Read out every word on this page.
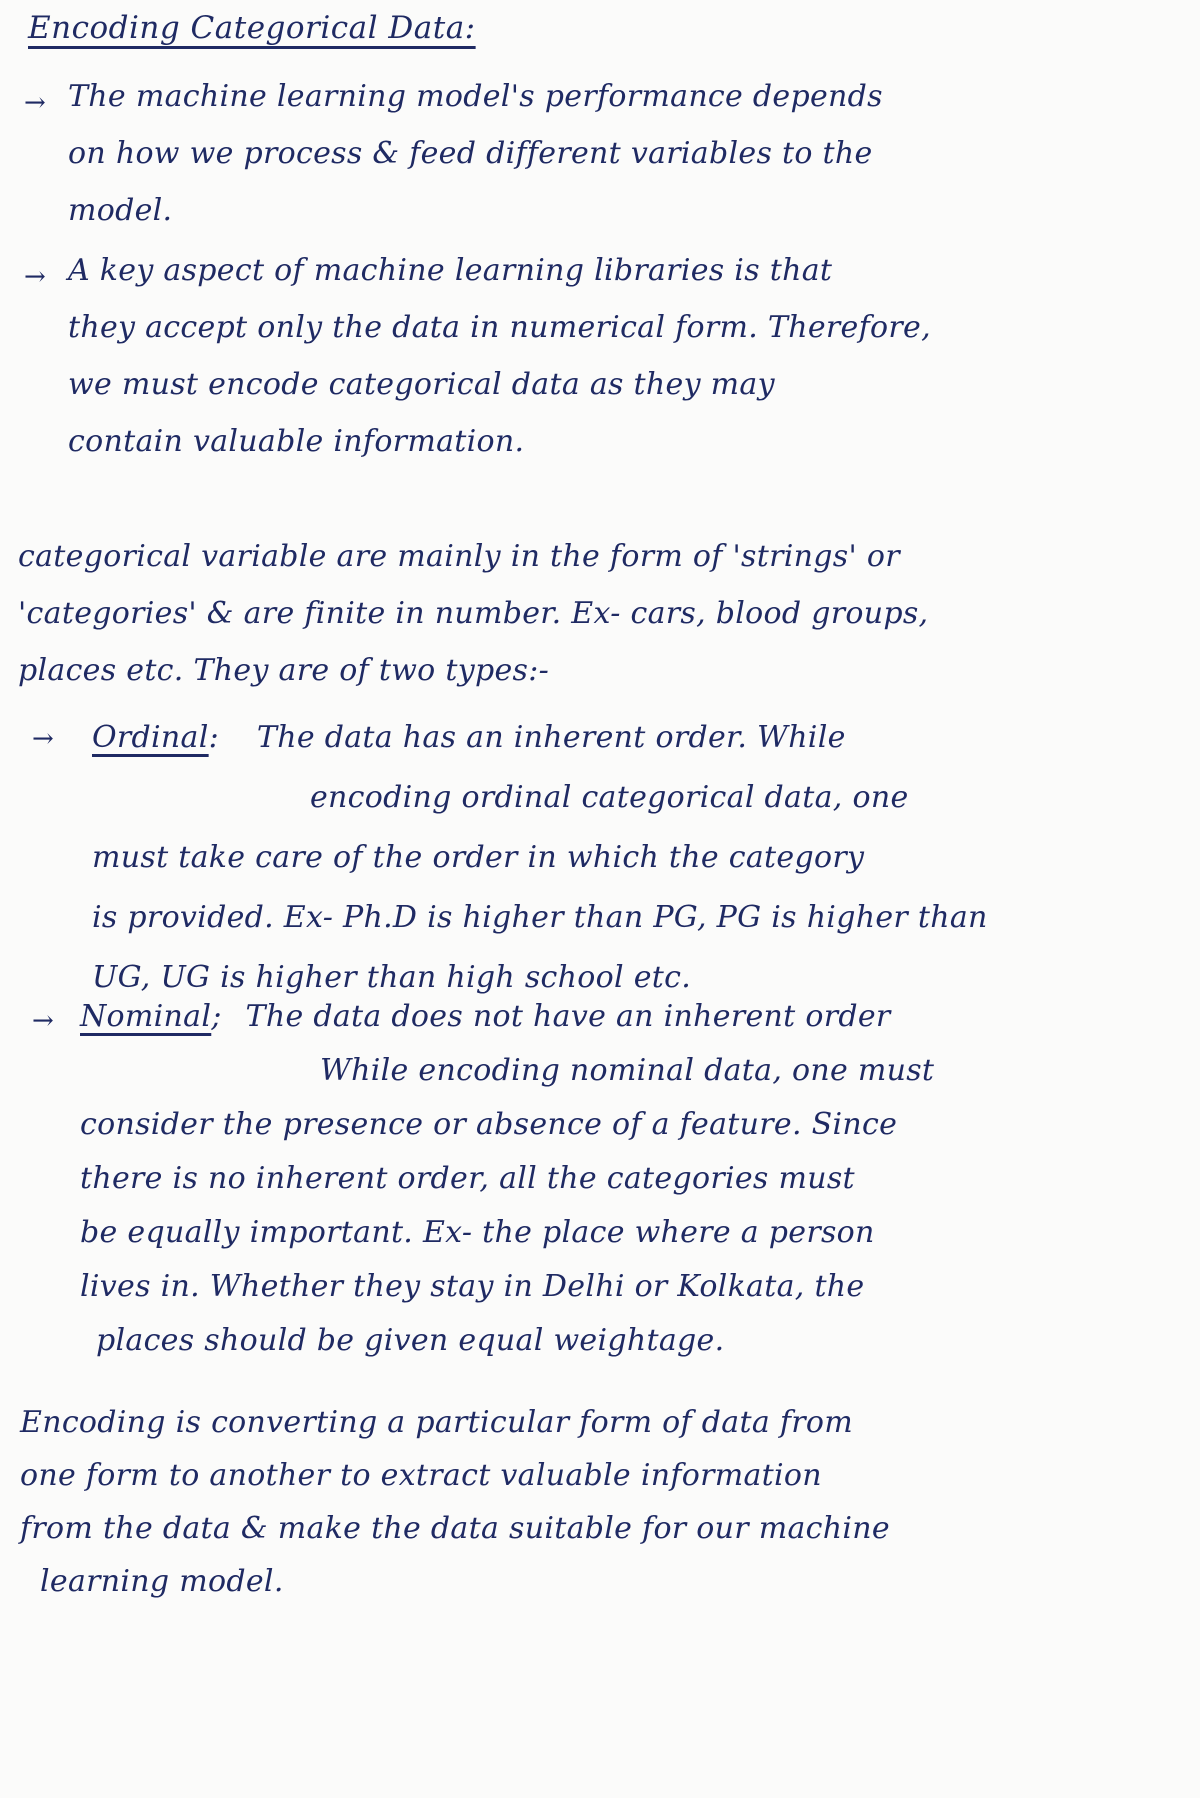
Encoding Categorical Data:
→ The machine learning model's performance depends
on how we process & feed different variables to the
model.
→ A key aspect of machine learning libraries is that
they accept only the data in numerical form. Therefore,
we must encode categorical data as they may
contain valuable information.
categorical variable are mainly in the form of 'strings' or
'categories' & are finite in number. Ex- cars, blood groups,
places etc. They are of two types:-
→ Ordinal: The data has an inherent order. While
encoding ordinal categorical data, one
must take care of the order in which the category
is provided. Ex- Ph.D is higher than PG, PG is higher than
UG, UG is higher than high school etc.
→ Nominal; The data does not have an inherent order
While encoding nominal data, one must
consider the presence or absence of a feature. Since
there is no inherent order, all the categories must
be equally important. Ex- the place where a person
lives in. Whether they stay in Delhi or Kolkata, the
places should be given equal weightage.
Encoding is converting a particular form of data from
one form to another to extract valuable information
from the data & make the data suitable for our machine
learning model.
